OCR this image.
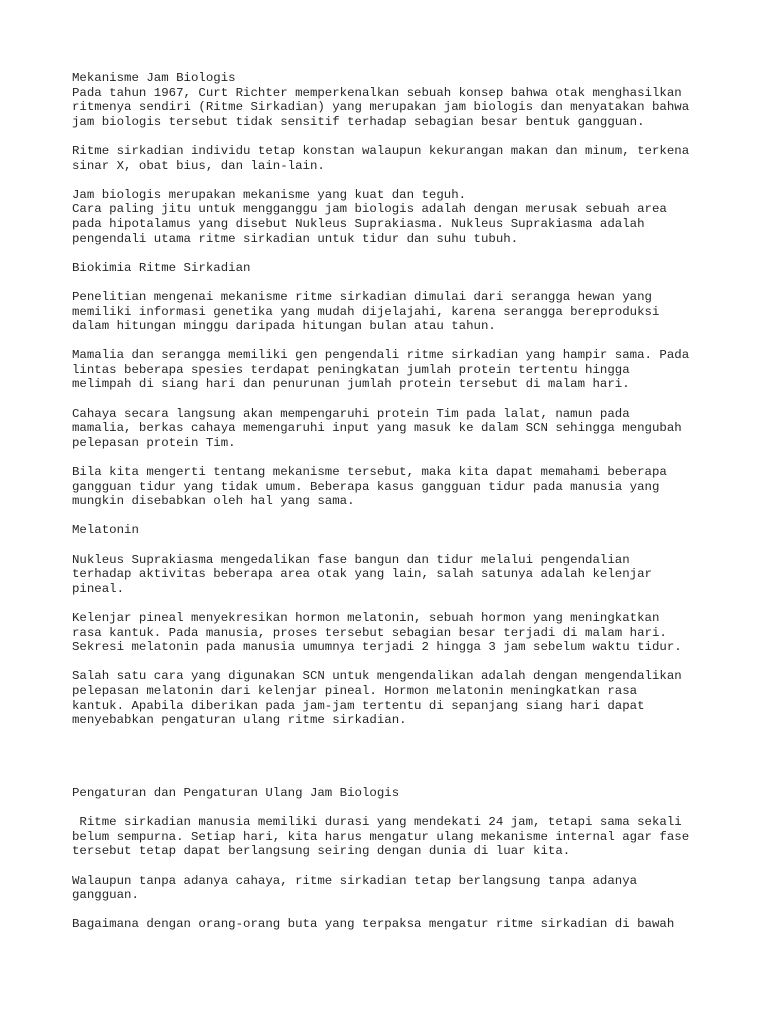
Mekanisme Jam Biologis
Pada tahun 1967, Curt Richter memperkenalkan sebuah konsep bahwa otak menghasilkan
ritmenya sendiri (Ritme Sirkadian) yang merupakan jam biologis dan menyatakan bahwa
jam biologis tersebut tidak sensitif terhadap sebagian besar bentuk gangguan.
Ritme sirkadian individu tetap konstan walaupun kekurangan makan dan minum, terkena
sinar X, obat bius, dan lain-lain.
Jam biologis merupakan mekanisme yang kuat dan teguh.
Cara paling jitu untuk mengganggu jam biologis adalah dengan merusak sebuah area
pada hipotalamus yang disebut Nukleus Suprakiasma. Nukleus Suprakiasma adalah
pengendali utama ritme sirkadian untuk tidur dan suhu tubuh.
Biokimia Ritme Sirkadian
Penelitian mengenai mekanisme ritme sirkadian dimulai dari serangga hewan yang
memiliki informasi genetika yang mudah dijelajahi, karena serangga bereproduksi
dalam hitungan minggu daripada hitungan bulan atau tahun.
Mamalia dan serangga memiliki gen pengendali ritme sirkadian yang hampir sama. Pada
lintas beberapa spesies terdapat peningkatan jumlah protein tertentu hingga
melimpah di siang hari dan penurunan jumlah protein tersebut di malam hari.
Cahaya secara langsung akan mempengaruhi protein Tim pada lalat, namun pada
mamalia, berkas cahaya memengaruhi input yang masuk ke dalam SCN sehingga mengubah
pelepasan protein Tim.
Bila kita mengerti tentang mekanisme tersebut, maka kita dapat memahami beberapa
gangguan tidur yang tidak umum. Beberapa kasus gangguan tidur pada manusia yang
mungkin disebabkan oleh hal yang sama.
Melatonin
Nukleus Suprakiasma mengedalikan fase bangun dan tidur melalui pengendalian
terhadap aktivitas beberapa area otak yang lain, salah satunya adalah kelenjar
pineal.
Kelenjar pineal menyekresikan hormon melatonin, sebuah hormon yang meningkatkan
rasa kantuk. Pada manusia, proses tersebut sebagian besar terjadi di malam hari.
Sekresi melatonin pada manusia umumnya terjadi 2 hingga 3 jam sebelum waktu tidur.
Salah satu cara yang digunakan SCN untuk mengendalikan adalah dengan mengendalikan
pelepasan melatonin dari kelenjar pineal. Hormon melatonin meningkatkan rasa
kantuk. Apabila diberikan pada jam-jam tertentu di sepanjang siang hari dapat
menyebabkan pengaturan ulang ritme sirkadian.
Pengaturan dan Pengaturan Ulang Jam Biologis
Ritme sirkadian manusia memiliki durasi yang mendekati 24 jam, tetapi sama sekali
belum sempurna. Setiap hari, kita harus mengatur ulang mekanisme internal agar fase
tersebut tetap dapat berlangsung seiring dengan dunia di luar kita.
Walaupun tanpa adanya cahaya, ritme sirkadian tetap berlangsung tanpa adanya
gangguan.
Bagaimana dengan orang-orang buta yang terpaksa mengatur ritme sirkadian di bawah
